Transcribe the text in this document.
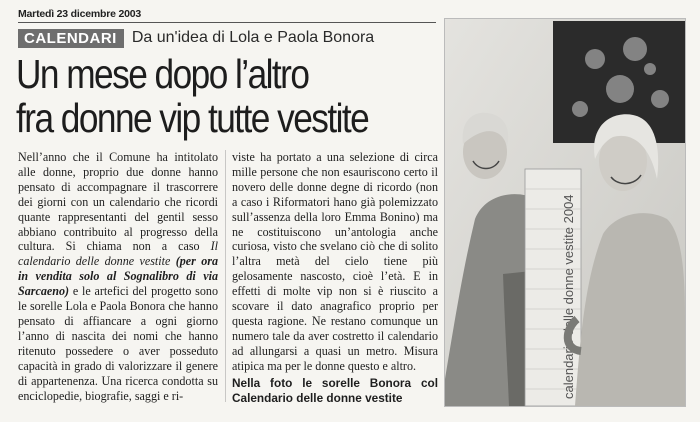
Martedì 23 dicembre 2003
CALENDARI Da un'idea di Lola e Paola Bonora
Un mese dopo l’altro
fra donne vip tutte vestite

Nell’anno che il Comune ha intitolato alle donne, proprio due donne hanno pensato di accompagnare il trascorrere dei giorni con un calendario che ricordi quante rappresentanti del gentil sesso abbiano contribuito al progresso della cultura. Si chiama non a caso Il calendario delle donne vestite (per ora in vendita solo al Sognalibro di via Sarcaeno) e le artefici del progetto sono le sorelle Lola e Paola Bonora che hanno pensato di affiancare a ogni giorno l’anno di nascita dei nomi che hanno ritenuto possedere o aver posseduto capacità in grado di valorizzare il genere di appartenenza. Una ricerca condotta su enciclopedie, biografie, saggi e ri-

viste ha portato a una selezione di circa mille persone che non esauriscono certo il novero delle donne degne di ricordo (non a caso i Riformatori hano già polemizzato sull’assenza della loro Emma Bonino) ma ne costituiscono un’antologia anche curiosa, visto che svelano ciò che di solito l’altra metà del cielo tiene più gelosamente nascosto, cioè l’età. E in effetti di molte vip non si è riuscito a scovare il dato anagrafico proprio per questa ragione. Ne restano comunque un numero tale da aver costretto il calendario ad allungarsi a quasi un metro. Misura atipica ma per le donne questo e altro.

Nella foto le sorelle Bonora col Calendario delle donne vestite	calendario delle donne vestite 2004
